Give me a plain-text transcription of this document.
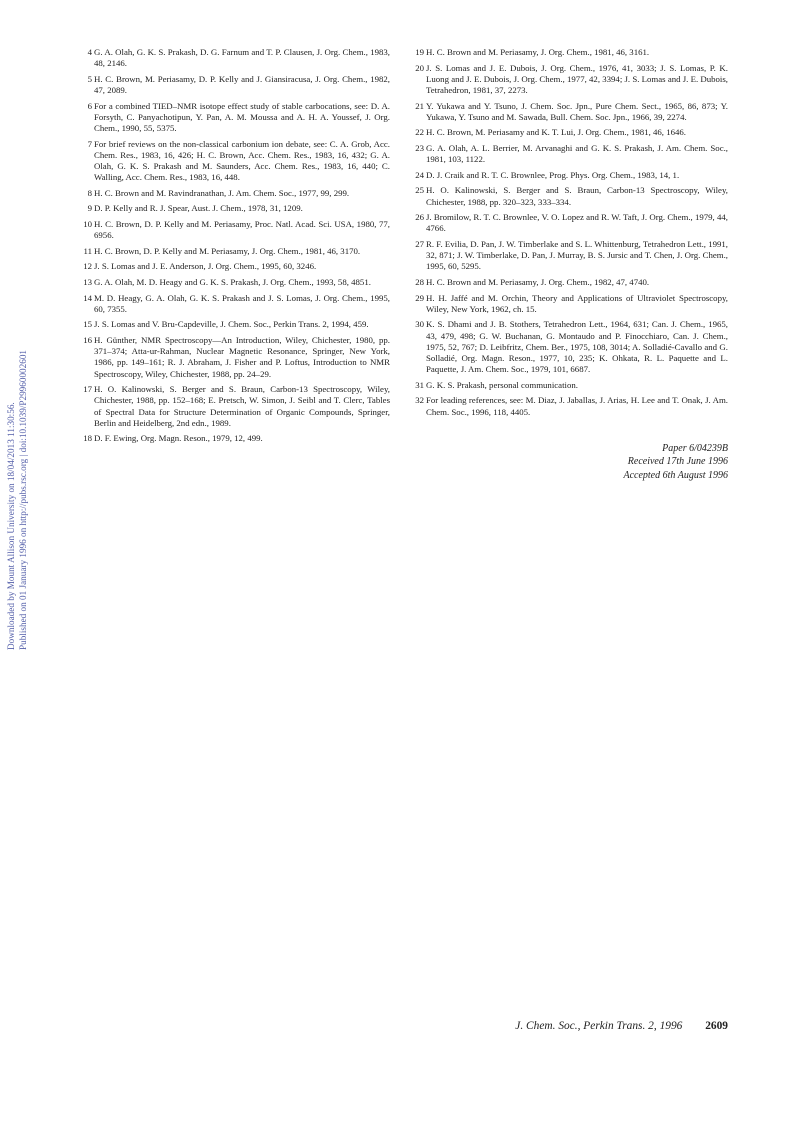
Downloaded by Mount Allison University on 18/04/2013 11:30:56. Published on 01 January 1996 on http://pubs.rsc.org | doi:10.1039/P29960002601
4 G. A. Olah, G. K. S. Prakash, D. G. Farnum and T. P. Clausen, J. Org. Chem., 1983, 48, 2146.
5 H. C. Brown, M. Periasamy, D. P. Kelly and J. Giansiracusa, J. Org. Chem., 1982, 47, 2089.
6 For a combined TIED–NMR isotope effect study of stable carbocations, see: D. A. Forsyth, C. Panyachotipun, Y. Pan, A. M. Moussa and A. H. A. Youssef, J. Org. Chem., 1990, 55, 5375.
7 For brief reviews on the non-classical carbonium ion debate, see: C. A. Grob, Acc. Chem. Res., 1983, 16, 426; H. C. Brown, Acc. Chem. Res., 1983, 16, 432; G. A. Olah, G. K. S. Prakash and M. Saunders, Acc. Chem. Res., 1983, 16, 440; C. Walling, Acc. Chem. Res., 1983, 16, 448.
8 H. C. Brown and M. Ravindranathan, J. Am. Chem. Soc., 1977, 99, 299.
9 D. P. Kelly and R. J. Spear, Aust. J. Chem., 1978, 31, 1209.
10 H. C. Brown, D. P. Kelly and M. Periasamy, Proc. Natl. Acad. Sci. USA, 1980, 77, 6956.
11 H. C. Brown, D. P. Kelly and M. Periasamy, J. Org. Chem., 1981, 46, 3170.
12 J. S. Lomas and J. E. Anderson, J. Org. Chem., 1995, 60, 3246.
13 G. A. Olah, M. D. Heagy and G. K. S. Prakash, J. Org. Chem., 1993, 58, 4851.
14 M. D. Heagy, G. A. Olah, G. K. S. Prakash and J. S. Lomas, J. Org. Chem., 1995, 60, 7355.
15 J. S. Lomas and V. Bru-Capdeville, J. Chem. Soc., Perkin Trans. 2, 1994, 459.
16 H. Günther, NMR Spectroscopy—An Introduction, Wiley, Chichester, 1980, pp. 371–374; Atta-ur-Rahman, Nuclear Magnetic Resonance, Springer, New York, 1986, pp. 149–161; R. J. Abraham, J. Fisher and P. Loftus, Introduction to NMR Spectroscopy, Wiley, Chichester, 1988, pp. 24–29.
17 H. O. Kalinowski, S. Berger and S. Braun, Carbon-13 Spectroscopy, Wiley, Chichester, 1988, pp. 152–168; E. Pretsch, W. Simon, J. Seibl and T. Clerc, Tables of Spectral Data for Structure Determination of Organic Compounds, Springer, Berlin and Heidelberg, 2nd edn., 1989.
18 D. F. Ewing, Org. Magn. Reson., 1979, 12, 499.
19 H. C. Brown and M. Periasamy, J. Org. Chem., 1981, 46, 3161.
20 J. S. Lomas and J. E. Dubois, J. Org. Chem., 1976, 41, 3033; J. S. Lomas, P. K. Luong and J. E. Dubois, J. Org. Chem., 1977, 42, 3394; J. S. Lomas and J. E. Dubois, Tetrahedron, 1981, 37, 2273.
21 Y. Yukawa and Y. Tsuno, J. Chem. Soc. Jpn., Pure Chem. Sect., 1965, 86, 873; Y. Yukawa, Y. Tsuno and M. Sawada, Bull. Chem. Soc. Jpn., 1966, 39, 2274.
22 H. C. Brown, M. Periasamy and K. T. Lui, J. Org. Chem., 1981, 46, 1646.
23 G. A. Olah, A. L. Berrier, M. Arvanaghi and G. K. S. Prakash, J. Am. Chem. Soc., 1981, 103, 1122.
24 D. J. Craik and R. T. C. Brownlee, Prog. Phys. Org. Chem., 1983, 14, 1.
25 H. O. Kalinowski, S. Berger and S. Braun, Carbon-13 Spectroscopy, Wiley, Chichester, 1988, pp. 320–323, 333–334.
26 J. Bromilow, R. T. C. Brownlee, V. O. Lopez and R. W. Taft, J. Org. Chem., 1979, 44, 4766.
27 R. F. Evilia, D. Pan, J. W. Timberlake and S. L. Whittenburg, Tetrahedron Lett., 1991, 32, 871; J. W. Timberlake, D. Pan, J. Murray, B. S. Jursic and T. Chen, J. Org. Chem., 1995, 60, 5295.
28 H. C. Brown and M. Periasamy, J. Org. Chem., 1982, 47, 4740.
29 H. H. Jaffé and M. Orchin, Theory and Applications of Ultraviolet Spectroscopy, Wiley, New York, 1962, ch. 15.
30 K. S. Dhami and J. B. Stothers, Tetrahedron Lett., 1964, 631; Can. J. Chem., 1965, 43, 479, 498; G. W. Buchanan, G. Montaudo and P. Finocchiaro, Can. J. Chem., 1975, 52, 767; D. Leibfritz, Chem. Ber., 1975, 108, 3014; A. Solladié-Cavallo and G. Solladié, Org. Magn. Reson., 1977, 10, 235; K. Ohkata, R. L. Paquette and L. Paquette, J. Am. Chem. Soc., 1979, 101, 6687.
31 G. K. S. Prakash, personal communication.
32 For leading references, see: M. Diaz, J. Jaballas, J. Arias, H. Lee and T. Onak, J. Am. Chem. Soc., 1996, 118, 4405.
Paper 6/04239B
Received 17th June 1996
Accepted 6th August 1996
J. Chem. Soc., Perkin Trans. 2, 1996 2609
